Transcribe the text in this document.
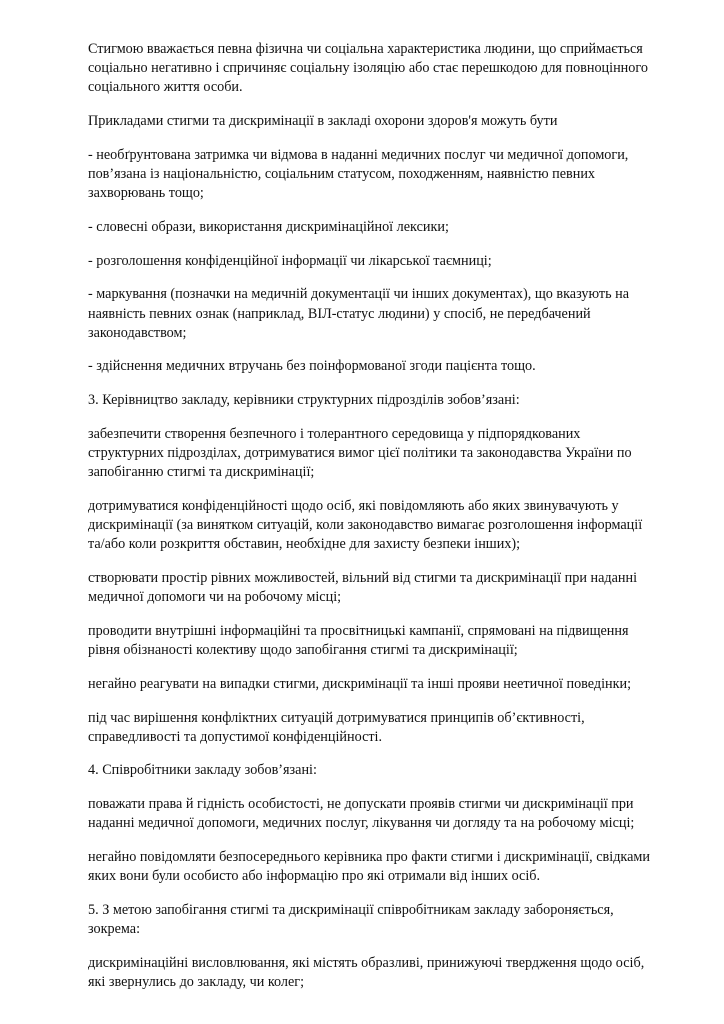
Стигмою вважається певна фізична чи соціальна характеристика людини, що сприймається
соціально негативно і спричиняє соціальну ізоляцію або стає перешкодою для повноцінного
соціального життя особи.

Прикладами стигми та дискримінації в закладі охорони здоров'я можуть бути

- необґрунтована затримка чи відмова в наданні медичних послуг чи медичної допомоги,
пов’язана із національністю, соціальним статусом, походженням, наявністю певних
захворювань тощо;

- словесні образи, використання дискримінаційної лексики;

- розголошення конфіденційної інформації чи лікарської таємниці;

- маркування (позначки на медичній документації чи інших документах), що вказують на
наявність певних ознак (наприклад, ВІЛ-статус людини) у спосіб, не передбачений
законодавством;

- здійснення медичних втручань без поінформованої згоди пацієнта тощо.

3. Керівництво закладу, керівники структурних підрозділів зобов’язані:

забезпечити створення безпечного і толерантного середовища у підпорядкованих
структурних підрозділах, дотримуватися вимог цієї політики та законодавства України по
запобіганню стигмі та дискримінації;

дотримуватися конфіденційності щодо осіб, які повідомляють або яких звинувачують у
дискримінації (за винятком ситуацій, коли законодавство вимагає розголошення інформації
та/або коли розкриття обставин, необхідне для захисту безпеки інших);

створювати простір рівних можливостей, вільний від стигми та дискримінації при наданні
медичної допомоги чи на робочому місці;

проводити внутрішні інформаційні та просвітницькі кампанії, спрямовані на підвищення
рівня обізнаності колективу щодо запобігання стигмі та дискримінації;

негайно реагувати на випадки стигми, дискримінації та інші прояви неетичної поведінки;

під час вирішення конфліктних ситуацій дотримуватися принципів об’єктивності,
справедливості та допустимої конфіденційності.

4. Співробітники закладу зобов’язані:

поважати права й гідність особистості, не допускати проявів стигми чи дискримінації при
наданні медичної допомоги, медичних послуг, лікування чи догляду та на робочому місці;

негайно повідомляти безпосереднього керівника про факти стигми і дискримінації, свідками
яких вони були особисто або інформацію про які отримали від інших осіб.

5. З метою запобігання стигмі та дискримінації співробітникам закладу забороняється,
зокрема:

дискримінаційні висловлювання, які містять образливі, принижуючі твердження щодо осіб,
які звернулись до закладу, чи колег;
